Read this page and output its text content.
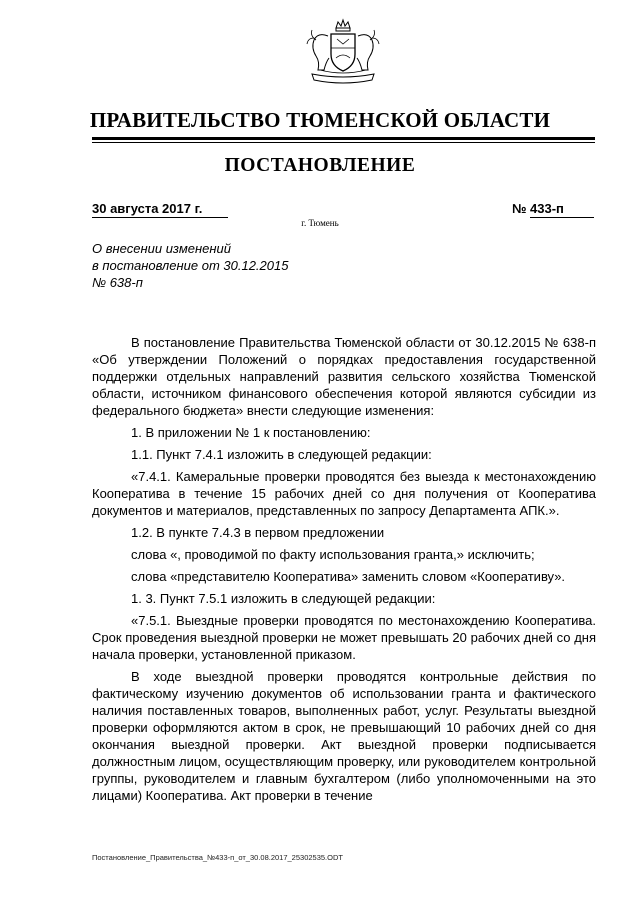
ПРАВИТЕЛЬСТВО ТЮМЕНСКОЙ ОБЛАСТИ
ПОСТАНОВЛЕНИЕ
30 августа 2017 г.	№ 433-п
г. Тюмень
О внесении изменений
в постановление от 30.12.2015
№ 638-п

В постановление Правительства Тюменской области от 30.12.2015 № 638-п «Об утверждении Положений о порядках предоставления государственной поддержки отдельных направлений развития сельского хозяйства Тюменской области, источником финансового обеспечения которой являются субсидии из федерального бюджета» внести следующие изменения:

1. В приложении № 1 к постановлению:

1.1. Пункт 7.4.1 изложить в следующей редакции:

«7.4.1. Камеральные проверки проводятся без выезда к местонахождению Кооператива в течение 15 рабочих дней со дня получения от Кооператива документов и материалов, представленных по запросу Департамента АПК.».

1.2. В пункте 7.4.3 в первом предложении

слова «, проводимой по факту использования гранта,» исключить;

слова «представителю Кооператива» заменить словом «Кооперативу».

1. 3. Пункт 7.5.1 изложить в следующей редакции:

«7.5.1. Выездные проверки проводятся по местонахождению Кооператива. Срок проведения выездной проверки не может превышать 20 рабочих дней со дня начала проверки, установленной приказом.

В ходе выездной проверки проводятся контрольные действия по фактическому изучению документов об использовании гранта и фактического наличия поставленных товаров, выполненных работ, услуг. Результаты выездной проверки оформляются актом в срок, не превышающий 10 рабочих дней со дня окончания выездной проверки. Акт выездной проверки подписывается должностным лицом, осуществляющим проверку, или руководителем контрольной группы, руководителем и главным бухгалтером (либо уполномоченными на это лицами) Кооператива. Акт проверки в течение

Постановление_Правительства_№433-п_от_30.08.2017_25302535.ODT
